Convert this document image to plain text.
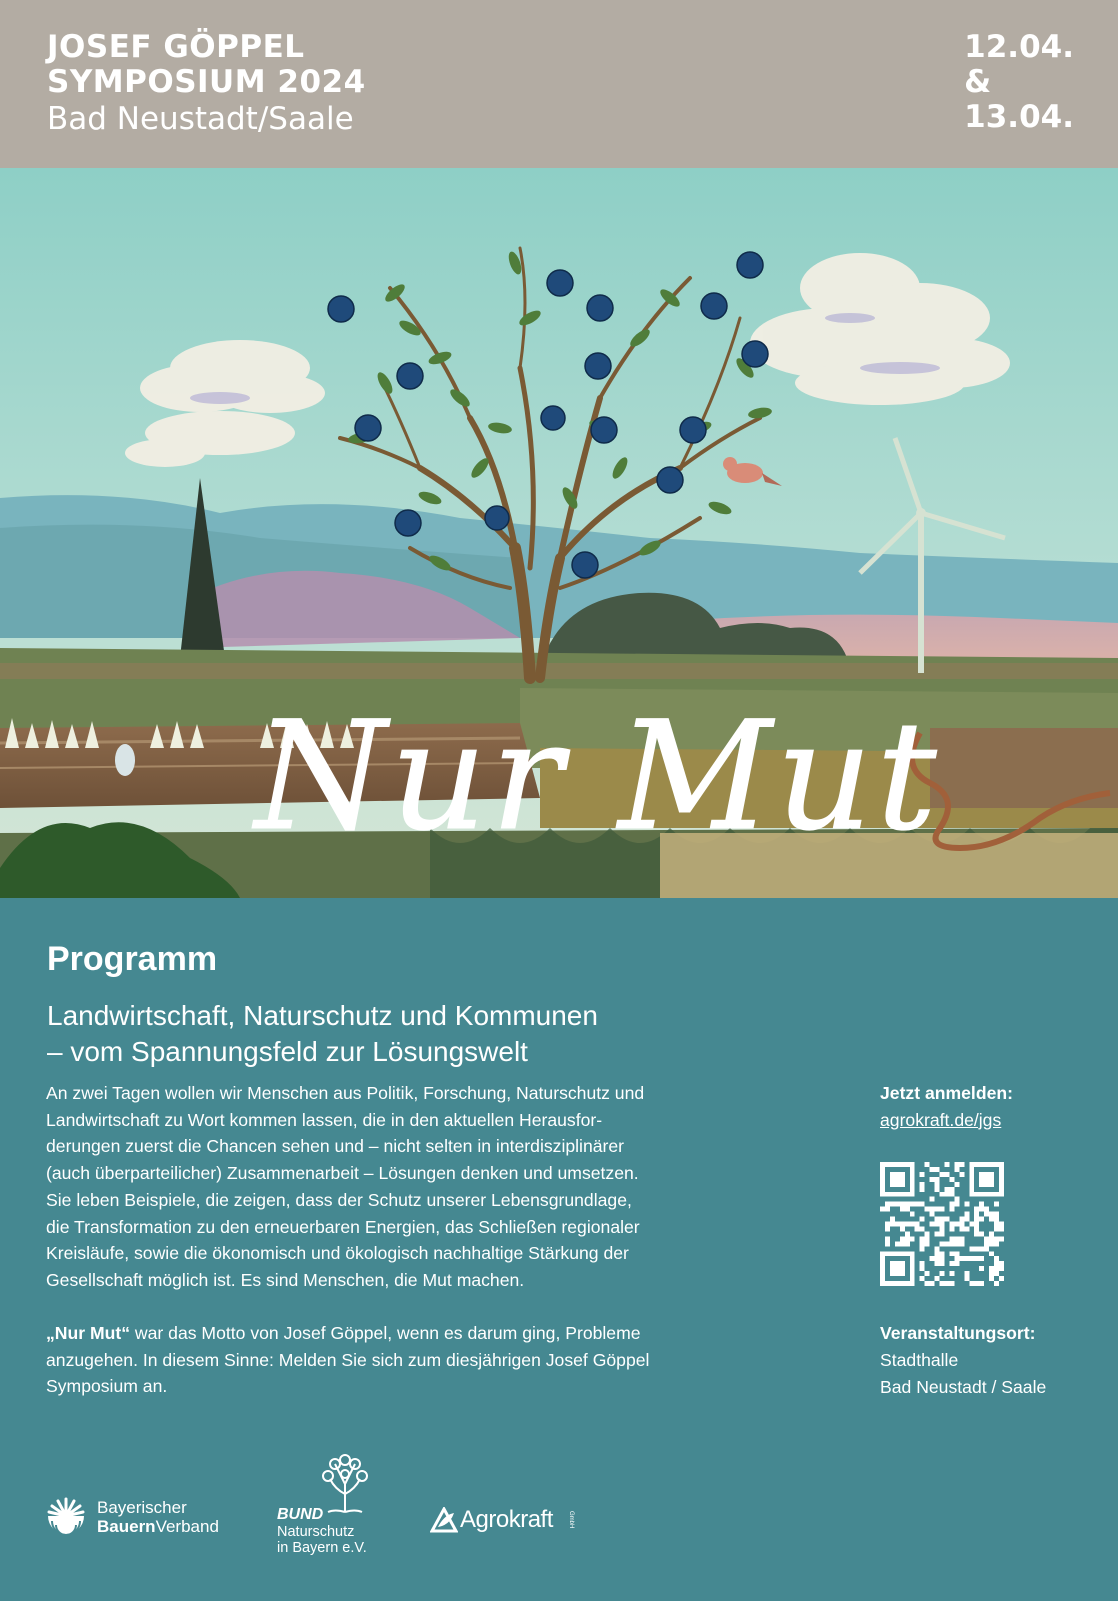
JOSEF GÖPPEL
SYMPOSIUM 2024
Bad Neustadt/Saale
12.04.
&
13.04.
Nur Mut
Programm
Landwirtschaft, Naturschutz und Kommunen
– vom Spannungsfeld zur Lösungswelt
An zwei Tagen wollen wir Menschen aus Politik, Forschung, Naturschutz und
Landwirtschaft zu Wort kommen lassen, die in den aktuellen Herausfor-
derungen zuerst die Chancen sehen und – nicht selten in interdisziplinärer
(auch überparteilicher) Zusammenarbeit – Lösungen denken und umsetzen.
Sie leben Beispiele, die zeigen, dass der Schutz unserer Lebensgrundlage,
die Transformation zu den erneuerbaren Energien, das Schließen regionaler
Kreisläufe, sowie die ökonomisch und ökologisch nachhaltige Stärkung der
Gesellschaft möglich ist. Es sind Menschen, die Mut machen.
„Nur Mut“ war das Motto von Josef Göppel, wenn es darum ging, Probleme
anzugehen. In diesem Sinne: Melden Sie sich zum diesjährigen Josef Göppel
Symposium an.
Jetzt anmelden:
agrokraft.de/jgs
Veranstaltungsort:
Stadthalle
Bad Neustadt / Saale
Bayerischer
BauernVerband
BUND
Naturschutz
in Bayern e.V.
Agrokraft	GmbH
